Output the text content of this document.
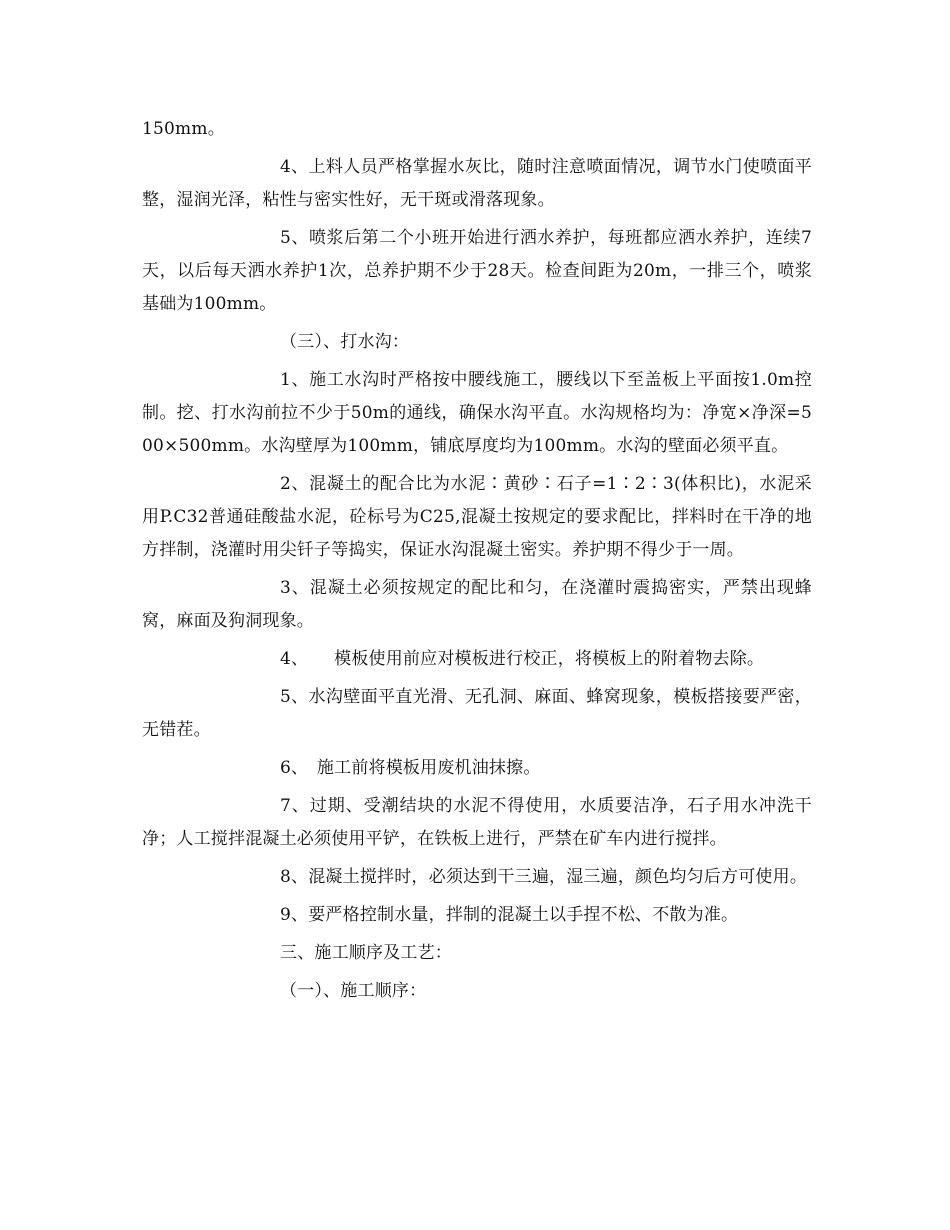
150mm。

4、上料人员严格掌握水灰比，随时注意喷面情况，调节水门使喷面平整，湿润光泽，粘性与密实性好，无干斑或滑落现象。

5、喷浆后第二个小班开始进行洒水养护，每班都应洒水养护，连续7天，以后每天洒水养护1次，总养护期不少于28天。检查间距为20m，一排三个，喷浆基础为100mm。

（三）、打水沟：

1、施工水沟时严格按中腰线施工，腰线以下至盖板上平面按1.0m控制。挖、打水沟前拉不少于50m的通线，确保水沟平直。水沟规格均为：净宽×净深=500×500mm。水沟壁厚为100mm，铺底厚度均为100mm。水沟的壁面必须平直。

2、混凝土的配合比为水泥∶黄砂∶石子=1∶2∶3(体积比)，水泥采用P.C32普通硅酸盐水泥，砼标号为C25,混凝土按规定的要求配比，拌料时在干净的地方拌制，浇灌时用尖钎子等捣实，保证水沟混凝土密实。养护期不得少于一周。

3、混凝土必须按规定的配比和匀，在浇灌时震捣密实，严禁出现蜂窝，麻面及狗洞现象。

4、　　模板使用前应对模板进行校正，将模板上的附着物去除。

5、水沟壁面平直光滑、无孔洞、麻面、蜂窝现象，模板搭接要严密，无错茬。

6、　施工前将模板用废机油抹擦。

7、过期、受潮结块的水泥不得使用，水质要洁净，石子用水冲洗干净；人工搅拌混凝土必须使用平铲，在铁板上进行，严禁在矿车内进行搅拌。

8、混凝土搅拌时，必须达到干三遍，湿三遍，颜色均匀后方可使用。

9、要严格控制水量，拌制的混凝土以手捏不松、不散为准。

三、施工顺序及工艺：

（一）、施工顺序：
